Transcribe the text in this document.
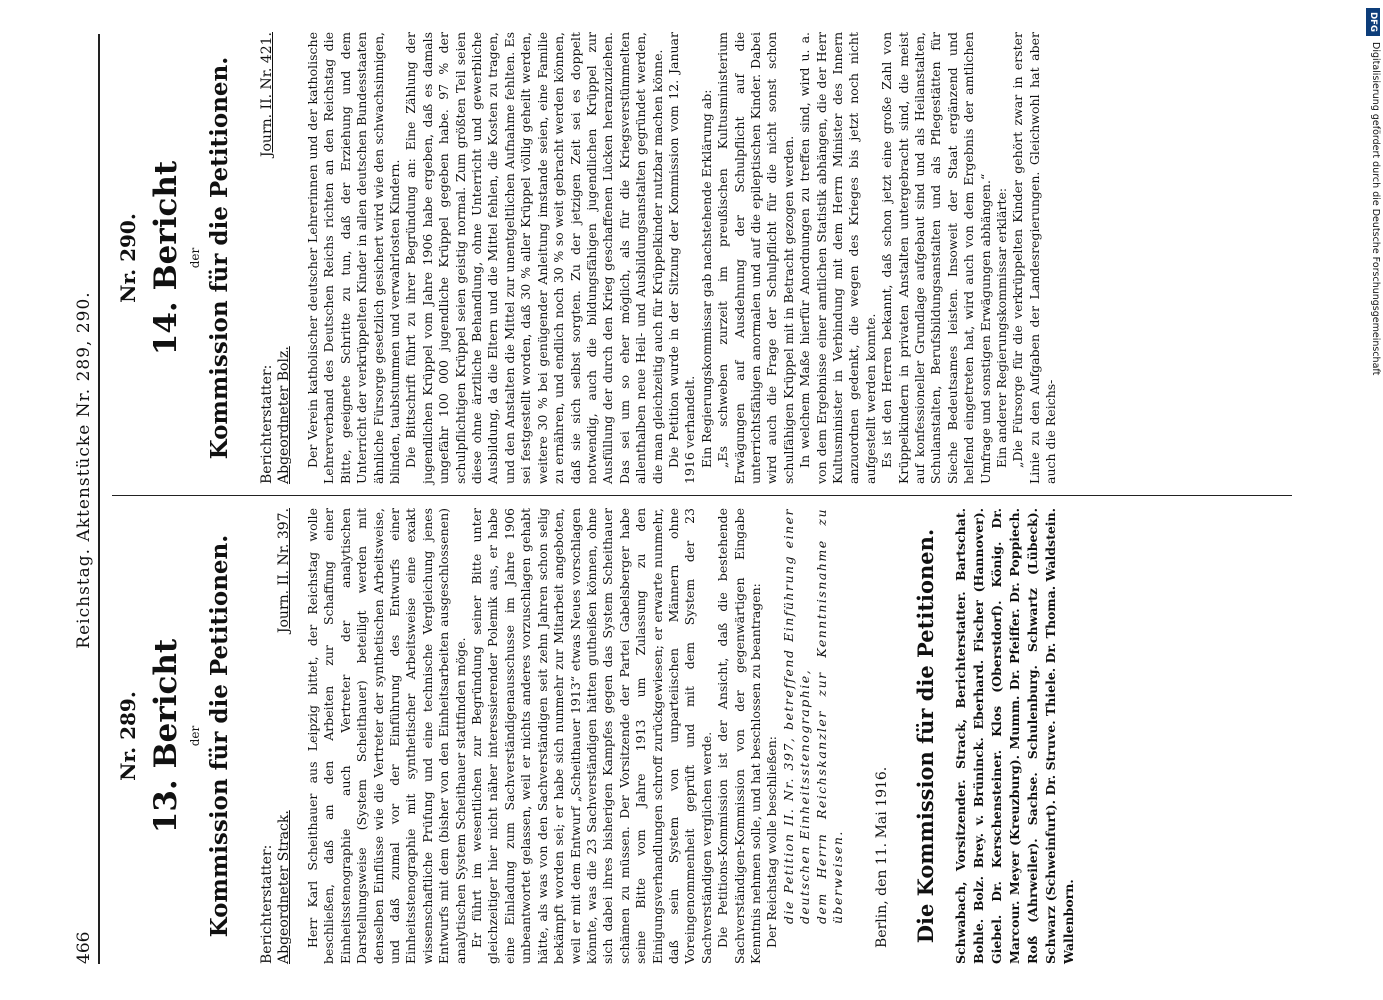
DFG
Digitalisierung gefördert durch die Deutsche Forschungsgemeinschaft
466
Reichstag. Aktenstücke Nr. 289, 290.
Nr. 289. 13. Bericht der Kommission für die Petitionen. Berichterstatter: Abgeordneter Strack.
Journ. II. Nr. 397. Herr Karl Scheithauer aus Leipzig bittet, der Reichstag wolle beschließen, daß an den Arbeiten zur Schaffung einer Einheitsstenographie auch Vertreter der analytischen Darstellungsweise (System Scheithauer) beteiligt werden mit denselben Einflüsse wie die Vertreter der synthetischen Arbeitsweise, und daß zumal vor der Einführung des Entwurfs einer Einheitsstenographie mit synthetischer Arbeitsweise eine exakt wissenschaftliche Prüfung und eine technische Vergleichung jenes Entwurfs mit dem (bisher von den Einheitsarbeiten ausgeschlossenen) analytischen System Scheithauer stattfinden möge. Er führt im wesentlichen zur Begründung seiner Bitte unter gleichzeitiger hier nicht näher interessierender Polemik aus, er habe eine Einladung zum Sachverständigenausschusse im Jahre 1906 unbeantwortet gelassen, weil er nichts anderes vorzuschlagen gehabt hätte, als was von den Sachverständigen seit zehn Jahren schon selig bekämpft worden sei; er habe sich nunmehr zur Mitarbeit angeboten, weil er mit dem Entwurf „Scheithauer 1913“ etwas Neues vorschlagen könnte, was die 23 Sachverständigen hätten gutheißen können, ohne sich dabei ihres bisherigen Kampfes gegen das System Scheithauer schämen zu müssen. Der Vorsitzende der Partei Gabelsberger habe seine Bitte vom Jahre 1913 um Zulassung zu den Einigungsverhandlungen schroff zurückgewiesen; er erwarte nunmehr, daß sein System von unparteiischen Männern ohne Voreingenommenheit geprüft und mit dem System der 23 Sachverständigen verglichen werde. Die Petitions-Kommission ist der Ansicht, daß die bestehende Sachverständigen-Kommission von der gegenwärtigen Eingabe Kenntnis nehmen solle, und hat beschlossen zu beantragen: Der Reichstag wolle beschließen: die Petition II. Nr. 397, betreffend Einführung einer deutschen Einheitsstenographie, dem Herrn Reichskanzler zur Kenntnisnahme zu überweisen. Berlin, den 11. Mai 1916. Die Kommission für die Petitionen. Schwabach, Vorsitzender. Strack, Berichterstatter. Bartschat. Bohle. Bolz. Brey. v. Brüninck. Eberhard. Fischer (Hannover). Giebel. Dr. Kerschensteiner. Klos (Oberstdorf). König. Dr. Marcour. Meyer (Kreuzburg). Mumm. Dr. Pfeiffer. Dr. Poppiech. Roß (Ahrweiler). Sachse. Schulenburg. Schwartz (Lübeck). Schwarz (Schweinfurt). Dr. Struve. Thiele. Dr. Thoma. Waldstein. Wallenborn.
Nr. 290. 14. Bericht der Kommission für die Petitionen. Berichterstatter: Abgeordneter Bolz.
Journ. II. Nr. 421. Der Verein katholischer deutscher Lehrerinnen und der katholische Lehrerverband des Deutschen Reichs richten an den Reichstag die Bitte, geeignete Schritte zu tun, daß der Erziehung und dem Unterricht der verkrüppelten Kinder in allen deutschen Bundesstaaten ähnliche Fürsorge gesetzlich gesichert wird wie den schwachsinnigen, blinden, taubstummen und verwahrlosten Kindern. Die Bittschrift führt zu ihrer Begründung an: Eine Zählung der jugendlichen Krüppel vom Jahre 1906 habe ergeben, daß es damals ungefähr 100 000 jugendliche Krüppel gegeben habe. 97 % der schulpflichtigen Krüppel seien geistig normal. Zum größten Teil seien diese ohne ärztliche Behandlung, ohne Unterricht und gewerbliche Ausbildung, da die Eltern und die Mittel fehlen, die Kosten zu tragen, und den Anstalten die Mittel zur unentgeltlichen Aufnahme fehlten. Es sei festgestellt worden, daß 30 % aller Krüppel völlig geheilt werden, weitere 30 % bei genügender Anleitung imstande seien, eine Familie zu ernähren, und endlich noch 30 % so weit gebracht werden können, daß sie sich selbst sorgten. Zu der jetzigen Zeit sei es doppelt notwendig, auch die bildungsfähigen jugendlichen Krüppel zur Ausfüllung der durch den Krieg geschaffenen Lücken heranzuziehen. Das sei um so eher möglich, als für die Kriegsverstümmelten allenthalben neue Heil- und Ausbildungsanstalten gegründet werden, die man gleichzeitig auch für Krüppelkinder nutzbar machen könne. Die Petition wurde in der Sitzung der Kommission vom 12. Januar 1916 verhandelt. Ein Regierungskommissar gab nachstehende Erklärung ab: „Es schweben zurzeit im preußischen Kultusministerium Erwägungen auf Ausdehnung der Schulpflicht auf die unterrichtsfähigen anormalen und auf die epileptischen Kinder. Dabei wird auch die Frage der Schulpflicht für die nicht sonst schon schulfähigen Krüppel mit in Betracht gezogen werden. In welchem Maße hierfür Anordnungen zu treffen sind, wird u. a. von dem Ergebnisse einer amtlichen Statistik abhängen, die der Herr Kultusminister in Verbindung mit dem Herrn Minister des Innern anzuordnen gedenkt, die wegen des Krieges bis jetzt noch nicht aufgestellt werden konnte. Es ist den Herren bekannt, daß schon jetzt eine große Zahl von Krüppelkindern in privaten Anstalten untergebracht sind, die meist auf konfessioneller Grundlage aufgebaut sind und als Heilanstalten, Schulanstalten, Berufsbildungsanstalten und als Pflegestätten für Sieche Bedeutsames leisten. Insoweit der Staat ergänzend und helfend eingetreten hat, wird auch von dem Ergebnis der amtlichen Umfrage und sonstigen Erwägungen abhängen.“ Ein anderer Regierungskommissar erklärte: „Die Fürsorge für die verkrüppelten Kinder gehört zwar in erster Linie zu den Aufgaben der Landesregierungen. Gleichwohl hat aber auch die Reichs-
